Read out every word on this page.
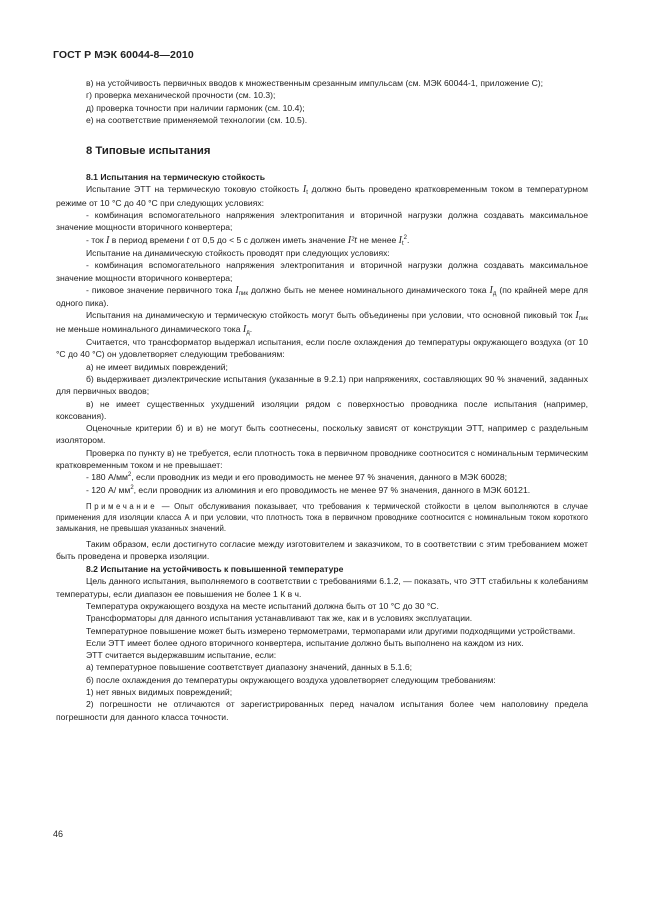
ГОСТ Р МЭК 60044-8—2010

в) на устойчивость первичных вводов к множественным срезанным импульсам (см. МЭК 60044-1, приложение С);

г) проверка механической прочности (см. 10.3);

д) проверка точности при наличии гармоник (см. 10.4);

е) на соответствие применяемой технологии (см. 10.5).

8 Типовые испытания
8.1 Испытания на термическую стойкость

Испытание ЭТТ на термическую токовую стойкость $I_t$ должно быть проведено кратковременным током в температурном режиме от 10 °С до 40 °С при следующих условиях:

- комбинация вспомогательного напряжения электропитания и вторичной нагрузки должна создавать максимальное значение мощности вторичного конвертера;

- ток I в период времени t от 0,5 до < 5 с должен иметь значение I²t не менее $I_t^2$.

Испытание на динамическую стойкость проводят при следующих условиях:

- комбинация вспомогательного напряжения электропитания и вторичной нагрузки должна создавать максимальное значение мощности вторичного конвертера;

- пиковое значение первичного тока $I_{пик}$ должно быть не менее номинального динамического тока $I_д$ (по крайней мере для одного пика).

Испытания на динамическую и термическую стойкость могут быть объединены при условии, что основной пиковый ток $I_{пик}$ не меньше номинального динамического тока $I_д$.

Считается, что трансформатор выдержал испытания, если после охлаждения до температуры окружающего воздуха (от 10 °С до 40 °С) он удовлетворяет следующим требованиям:

а) не имеет видимых повреждений;

б) выдерживает диэлектрические испытания (указанные в 9.2.1) при напряжениях, составляющих 90 % значений, заданных для первичных вводов;

в) не имеет существенных ухудшений изоляции рядом с поверхностью проводника после испытания (например, коксования).

Оценочные критерии б) и в) не могут быть соотнесены, поскольку зависят от конструкции ЭТТ, например с раздельным изолятором.

Проверка по пункту в) не требуется, если плотность тока в первичном проводнике соотносится с номинальным термическим кратковременным током и не превышает:

- 180 $А/мм^2$, если проводник из меди и его проводимость не менее 97 % значения, данного в МЭК 60028;

- 120 А/ $мм^2$, если проводник из алюминия и его проводимость не менее 97 % значения, данного в МЭК 60121.

Примечание — Опыт обслуживания показывает, что требования к термической стойкости в целом выполняются в случае применения для изоляции класса А и при условии, что плотность тока в первичном проводнике соотносится с номинальным током короткого замыкания, не превышая указанных значений.

Таким образом, если достигнуто согласие между изготовителем и заказчиком, то в соответствии с этим требованием может быть проведена и проверка изоляции.

8.2 Испытание на устойчивость к повышенной температуре

Цель данного испытания, выполняемого в соответствии с требованиями 6.1.2, — показать, что ЭТТ стабильны к колебаниям температуры, если диапазон ее повышения не более 1 К в ч.

Температура окружающего воздуха на месте испытаний должна быть от 10 °С до 30 °С.

Трансформаторы для данного испытания устанавливают так же, как и в условиях эксплуатации.

Температурное повышение может быть измерено термометрами, термопарами или другими подходящими устройствами.

Если ЭТТ имеет более одного вторичного конвертера, испытание должно быть выполнено на каждом из них.

ЭТТ считается выдержавшим испытание, если:

а) температурное повышение соответствует диапазону значений, данных в 5.1.6;

б) после охлаждения до температуры окружающего воздуха удовлетворяет следующим требованиям:

1) нет явных видимых повреждений;

2) погрешности не отличаются от зарегистрированных перед началом испытания более чем наполовину предела погрешности для данного класса точности.

46
